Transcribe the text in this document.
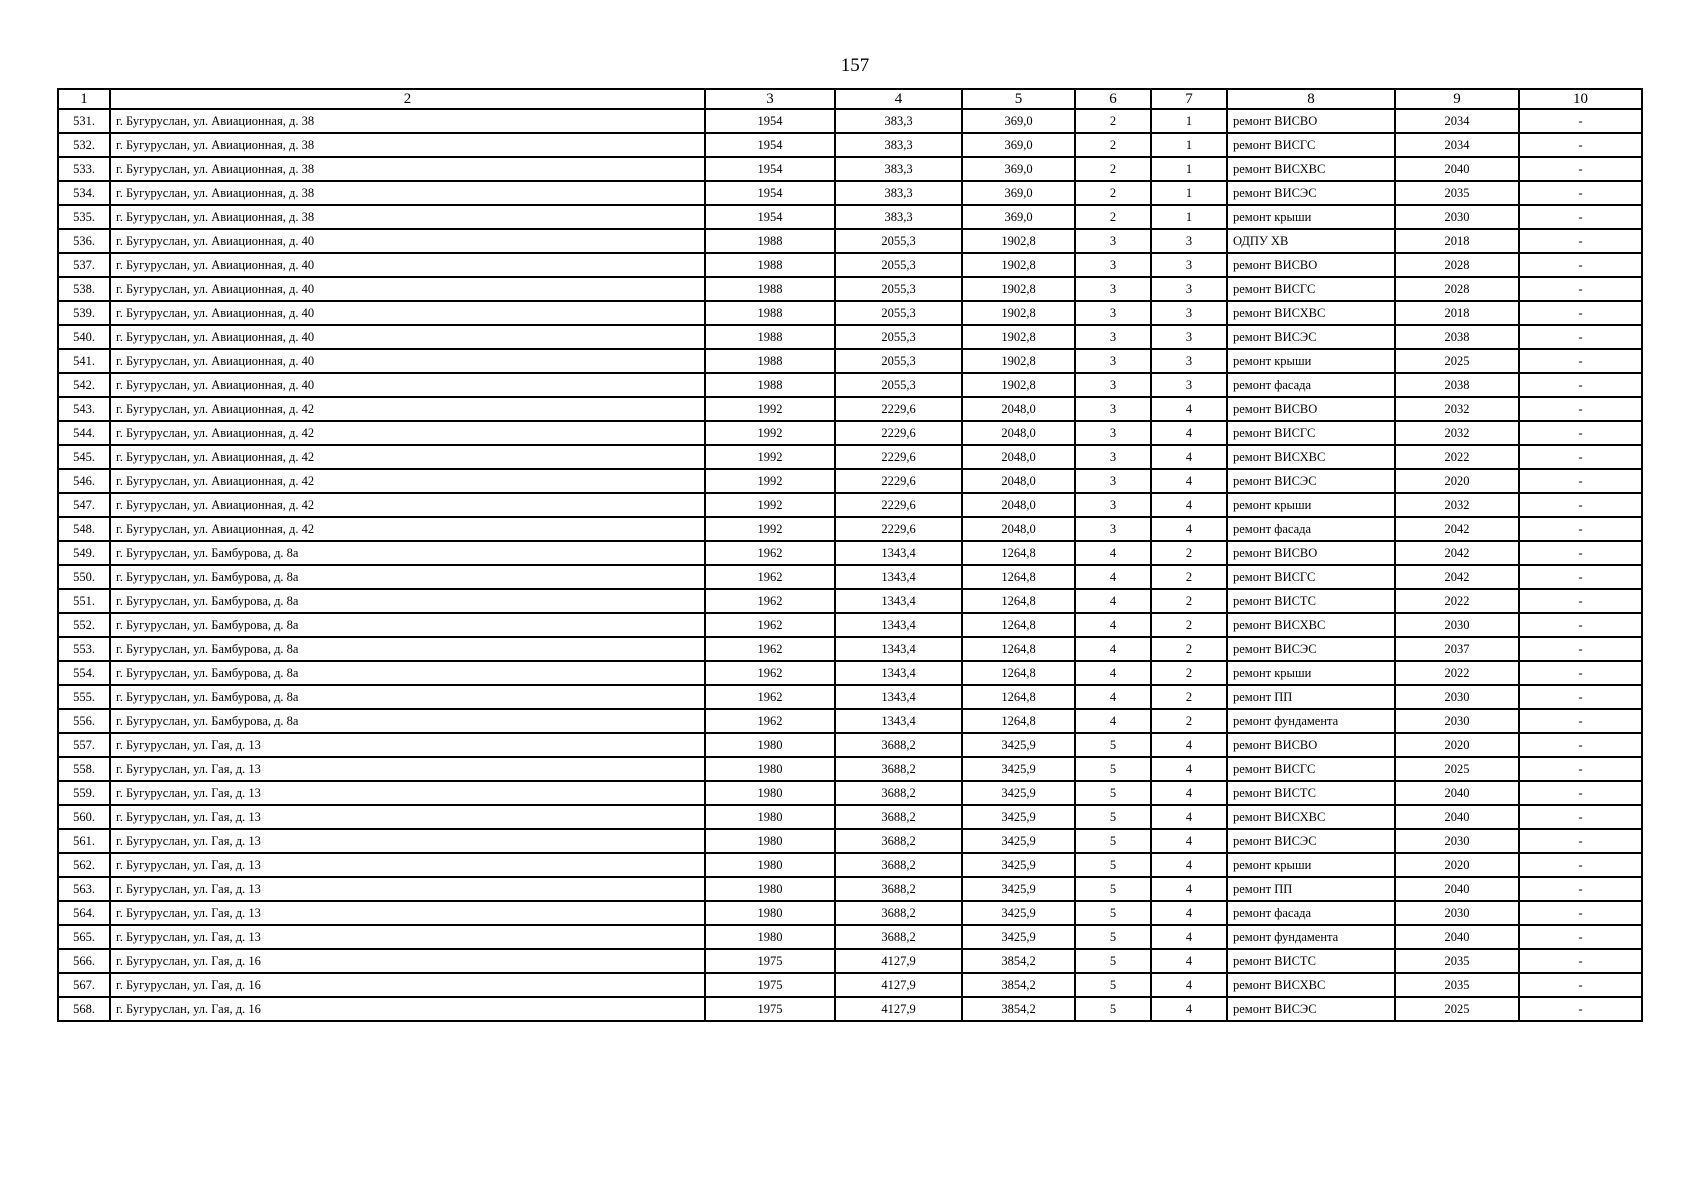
157
1	2	3	4	5	6	7	8	9	10
531.	г. Бугуруслан, ул. Авиационная, д. 38	1954	383,3	369,0	2	1	ремонт ВИСВО	2034	-
532.	г. Бугуруслан, ул. Авиационная, д. 38	1954	383,3	369,0	2	1	ремонт ВИСГС	2034	-
533.	г. Бугуруслан, ул. Авиационная, д. 38	1954	383,3	369,0	2	1	ремонт ВИСХВС	2040	-
534.	г. Бугуруслан, ул. Авиационная, д. 38	1954	383,3	369,0	2	1	ремонт ВИСЭС	2035	-
535.	г. Бугуруслан, ул. Авиационная, д. 38	1954	383,3	369,0	2	1	ремонт крыши	2030	-
536.	г. Бугуруслан, ул. Авиационная, д. 40	1988	2055,3	1902,8	3	3	ОДПУ ХВ	2018	-
537.	г. Бугуруслан, ул. Авиационная, д. 40	1988	2055,3	1902,8	3	3	ремонт ВИСВО	2028	-
538.	г. Бугуруслан, ул. Авиационная, д. 40	1988	2055,3	1902,8	3	3	ремонт ВИСГС	2028	-
539.	г. Бугуруслан, ул. Авиационная, д. 40	1988	2055,3	1902,8	3	3	ремонт ВИСХВС	2018	-
540.	г. Бугуруслан, ул. Авиационная, д. 40	1988	2055,3	1902,8	3	3	ремонт ВИСЭС	2038	-
541.	г. Бугуруслан, ул. Авиационная, д. 40	1988	2055,3	1902,8	3	3	ремонт крыши	2025	-
542.	г. Бугуруслан, ул. Авиационная, д. 40	1988	2055,3	1902,8	3	3	ремонт фасада	2038	-
543.	г. Бугуруслан, ул. Авиационная, д. 42	1992	2229,6	2048,0	3	4	ремонт ВИСВО	2032	-
544.	г. Бугуруслан, ул. Авиационная, д. 42	1992	2229,6	2048,0	3	4	ремонт ВИСГС	2032	-
545.	г. Бугуруслан, ул. Авиационная, д. 42	1992	2229,6	2048,0	3	4	ремонт ВИСХВС	2022	-
546.	г. Бугуруслан, ул. Авиационная, д. 42	1992	2229,6	2048,0	3	4	ремонт ВИСЭС	2020	-
547.	г. Бугуруслан, ул. Авиационная, д. 42	1992	2229,6	2048,0	3	4	ремонт крыши	2032	-
548.	г. Бугуруслан, ул. Авиационная, д. 42	1992	2229,6	2048,0	3	4	ремонт фасада	2042	-
549.	г. Бугуруслан, ул. Бамбурова, д. 8а	1962	1343,4	1264,8	4	2	ремонт ВИСВО	2042	-
550.	г. Бугуруслан, ул. Бамбурова, д. 8а	1962	1343,4	1264,8	4	2	ремонт ВИСГС	2042	-
551.	г. Бугуруслан, ул. Бамбурова, д. 8а	1962	1343,4	1264,8	4	2	ремонт ВИСТС	2022	-
552.	г. Бугуруслан, ул. Бамбурова, д. 8а	1962	1343,4	1264,8	4	2	ремонт ВИСХВС	2030	-
553.	г. Бугуруслан, ул. Бамбурова, д. 8а	1962	1343,4	1264,8	4	2	ремонт ВИСЭС	2037	-
554.	г. Бугуруслан, ул. Бамбурова, д. 8а	1962	1343,4	1264,8	4	2	ремонт крыши	2022	-
555.	г. Бугуруслан, ул. Бамбурова, д. 8а	1962	1343,4	1264,8	4	2	ремонт ПП	2030	-
556.	г. Бугуруслан, ул. Бамбурова, д. 8а	1962	1343,4	1264,8	4	2	ремонт фундамента	2030	-
557.	г. Бугуруслан, ул. Гая, д. 13	1980	3688,2	3425,9	5	4	ремонт ВИСВО	2020	-
558.	г. Бугуруслан, ул. Гая, д. 13	1980	3688,2	3425,9	5	4	ремонт ВИСГС	2025	-
559.	г. Бугуруслан, ул. Гая, д. 13	1980	3688,2	3425,9	5	4	ремонт ВИСТС	2040	-
560.	г. Бугуруслан, ул. Гая, д. 13	1980	3688,2	3425,9	5	4	ремонт ВИСХВС	2040	-
561.	г. Бугуруслан, ул. Гая, д. 13	1980	3688,2	3425,9	5	4	ремонт ВИСЭС	2030	-
562.	г. Бугуруслан, ул. Гая, д. 13	1980	3688,2	3425,9	5	4	ремонт крыши	2020	-
563.	г. Бугуруслан, ул. Гая, д. 13	1980	3688,2	3425,9	5	4	ремонт ПП	2040	-
564.	г. Бугуруслан, ул. Гая, д. 13	1980	3688,2	3425,9	5	4	ремонт фасада	2030	-
565.	г. Бугуруслан, ул. Гая, д. 13	1980	3688,2	3425,9	5	4	ремонт фундамента	2040	-
566.	г. Бугуруслан, ул. Гая, д. 16	1975	4127,9	3854,2	5	4	ремонт ВИСТС	2035	-
567.	г. Бугуруслан, ул. Гая, д. 16	1975	4127,9	3854,2	5	4	ремонт ВИСХВС	2035	-
568.	г. Бугуруслан, ул. Гая, д. 16	1975	4127,9	3854,2	5	4	ремонт ВИСЭС	2025	-
